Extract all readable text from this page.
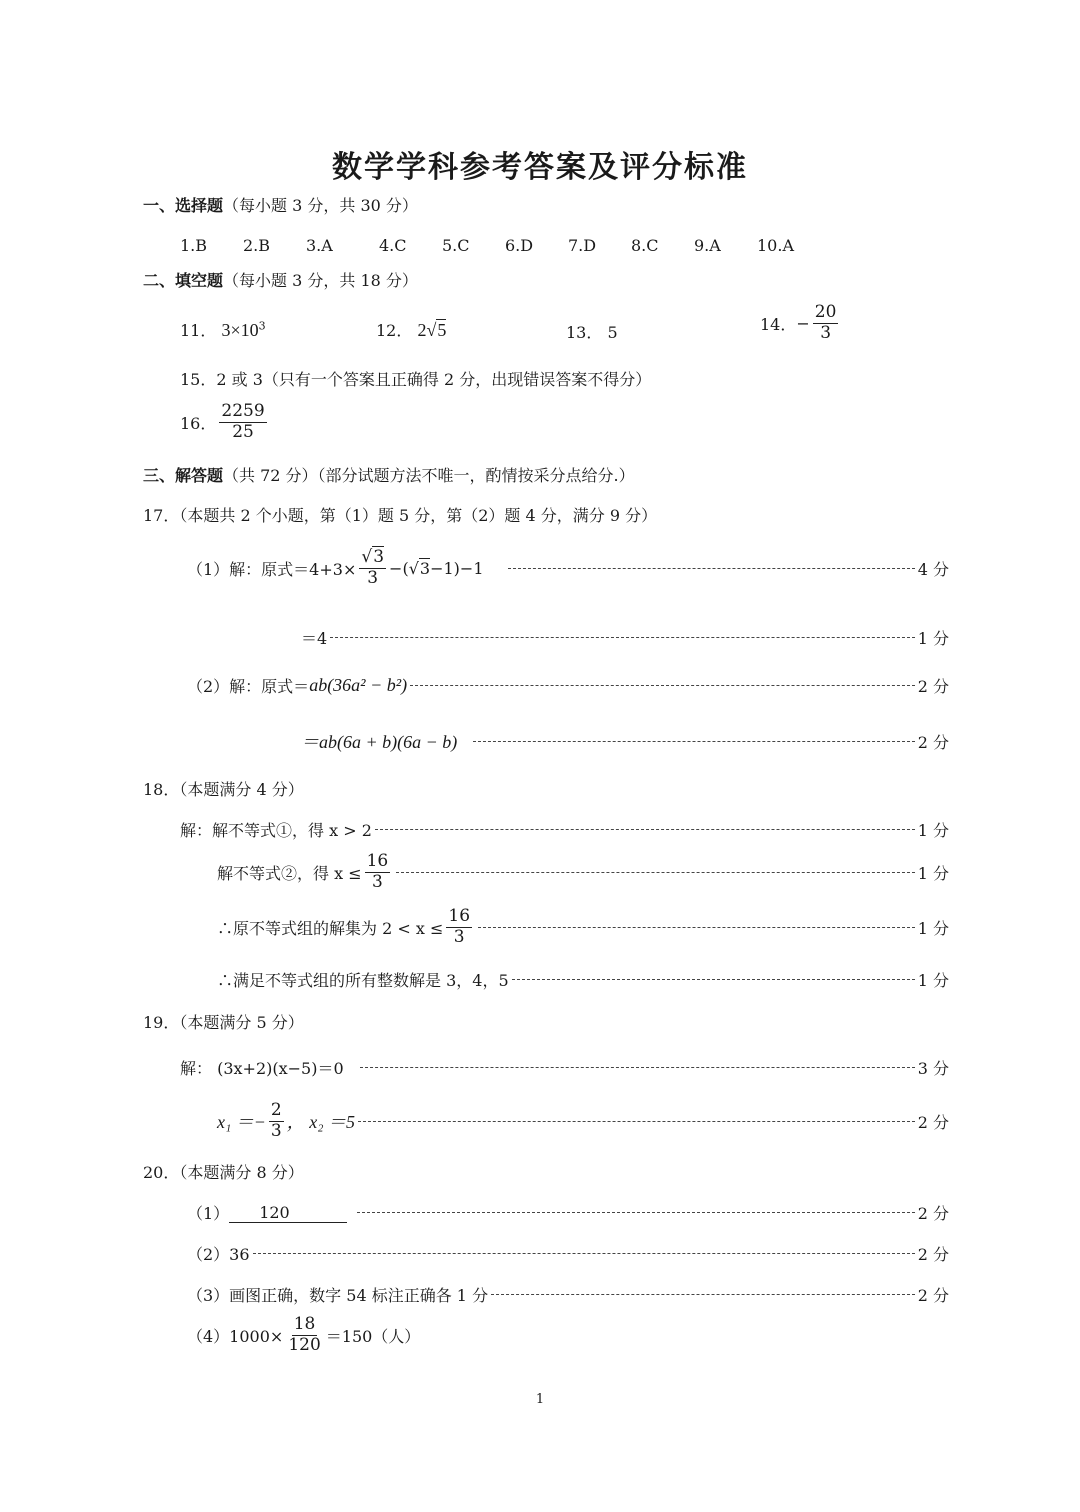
数学学科参考答案及评分标准
一、选择题（每小题 3 分，共 30 分）
1.B	2.B	3.A	4.C	5.C	6.D	7.D	8.C	9.A	10.A
二、填空题（每小题 3 分，共 18 分）
11． $3\times 10^3$	12． 2√5	13． 5	14． − $\frac{20}{3}$
15．2 或 3（只有一个答案且正确得 2 分，出现错误答案不得分）
16． $\frac{2259}{25}$
三、解答题（共 72 分）（部分试题方法不唯一，酌情按采分点给分.）
17．（本题共 2 个小题，第（1）题 5 分，第（2）题 4 分，满分 9 分）
（1）解：原式$=4+3\times \frac{√3}{3}$ −( √ 3 −1)−1	4 分
＝4	1 分
（2）解：原式＝ ab(36a² − b²)	2 分
＝ab(6a + b)(6a − b)	2 分
18．（本题满分 4 分）
解：解不等式①，得 x > 2	1 分
解不等式②，得 $x \le \frac{16}{3}$	1 分
∴原不等式组的解集为 $2 < x \le \frac{16}{3}$	1 分
∴满足不等式组的所有整数解是 3，4，5	1 分
19．（本题满分 5 分）
解： (3x+2)(x−5)＝0	3 分
$x_1 =- \frac{2}{3}$ ， x₂ ＝5	2 分
20．（本题满分 8 分）
（1）	120	2 分
（2）36	2 分
（3）画图正确，数字 54 标注正确各 1 分	2 分
$(4)1000\times \frac{18}{120} =150$（人）
1
